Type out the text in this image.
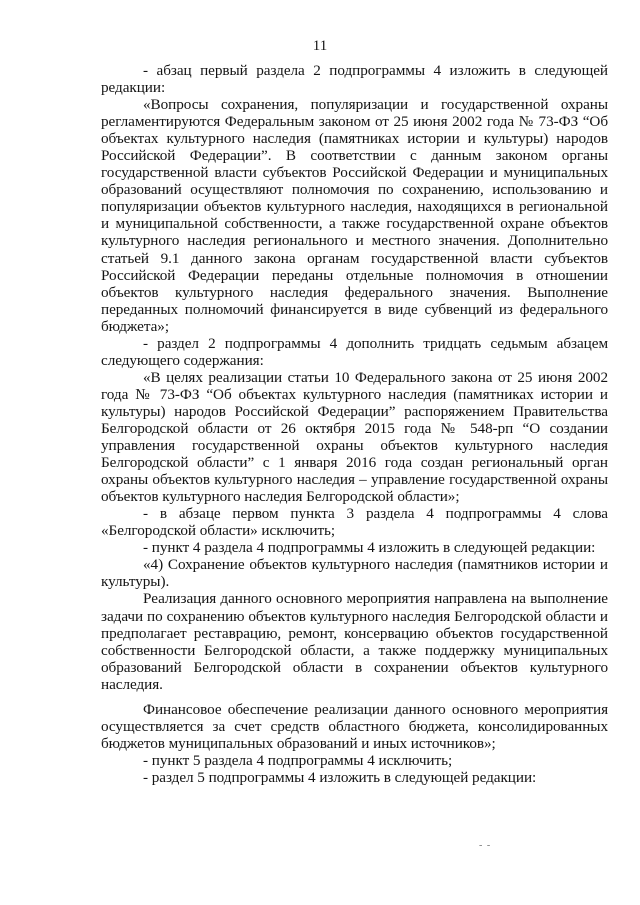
11

- абзац первый раздела 2 подпрограммы 4 изложить в следующей редакции:

«Вопросы сохранения, популяризации и государственной охраны регламентируются Федеральным законом от 25 июня 2002 года № 73-ФЗ “Об объектах культурного наследия (памятниках истории и культуры) народов Российской Федерации”. В соответствии с данным законом органы государственной власти субъектов Российской Федерации и муниципальных образований осуществляют полномочия по сохранению, использованию и популяризации объектов культурного наследия, находящихся в региональной и муниципальной собственности, а также государственной охране объектов культурного наследия регионального и местного значения. Дополнительно статьей 9.1 данного закона органам государственной власти субъектов Российской Федерации переданы отдельные полномочия в отношении объектов культурного наследия федерального значения. Выполнение переданных полномочий финансируется в виде субвенций из федерального бюджета»;

- раздел 2 подпрограммы 4 дополнить тридцать седьмым абзацем следующего содержания:

«В целях реализации статьи 10 Федерального закона от 25 июня 2002 года № 73-ФЗ “Об объектах культурного наследия (памятниках истории и культуры) народов Российской Федерации” распоряжением Правительства Белгородской области от 26 октября 2015 года № 548-рп “О создании управления государственной охраны объектов культурного наследия Белгородской области” с 1 января 2016 года создан региональный орган охраны объектов культурного наследия – управление государственной охраны объектов культурного наследия Белгородской области»;

- в абзаце первом пункта 3 раздела 4 подпрограммы 4 слова «Белгородской области» исключить;

- пункт 4 раздела 4 подпрограммы 4 изложить в следующей редакции:

«4) Сохранение объектов культурного наследия (памятников истории и культуры).

Реализация данного основного мероприятия направлена на выполнение задачи по сохранению объектов культурного наследия Белгородской области и предполагает реставрацию, ремонт, консервацию объектов государственной собственности Белгородской области, а также поддержку муниципальных образований Белгородской области в сохранении объектов культурного наследия.

Финансовое обеспечение реализации данного основного мероприятия осуществляется за счет средств областного бюджета, консолидированных бюджетов муниципальных образований и иных источников»;

- пункт 5 раздела 4 подпрограммы 4 исключить;

- раздел 5 подпрограммы 4 изложить в следующей редакции:

- -
